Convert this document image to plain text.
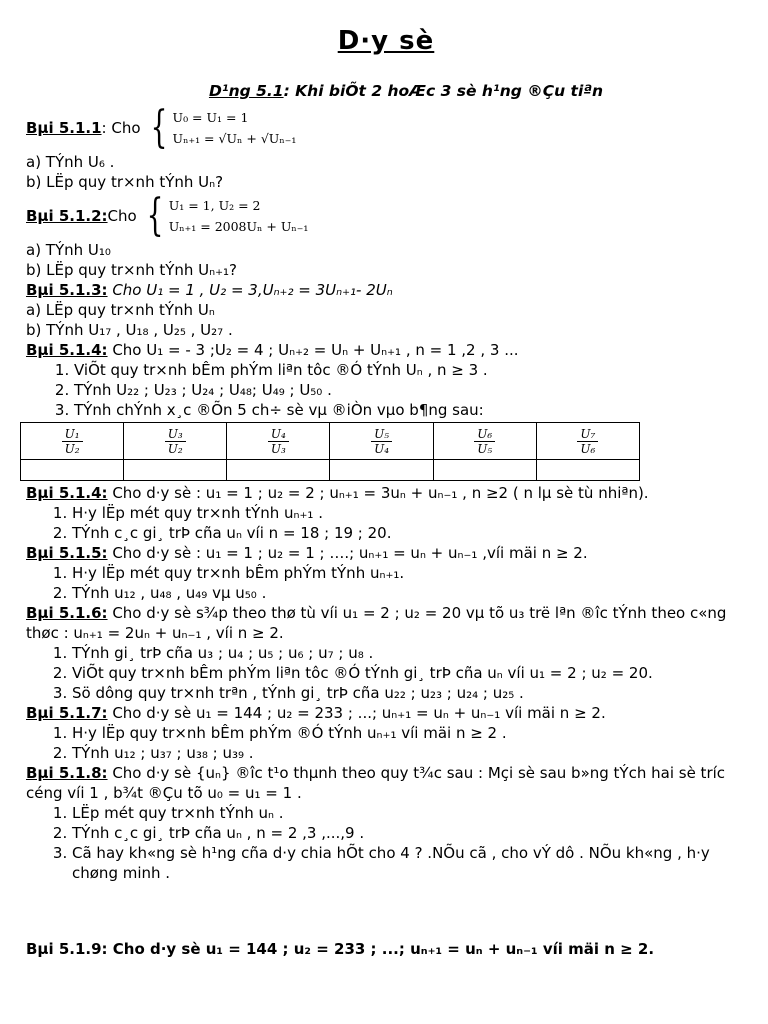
D·y sè
D¹ng 5.1: Khi biÕt 2 hoÆc 3 sè h¹ng ®Çu tiªn
Bµi 5.1.1 : Cho { U₀ = U₁ = 1
Uₙ₊₁ = √Uₙ + √Uₙ₋₁
a) TÝnh U₆ .
b) LËp quy tr×nh tÝnh Uₙ?
Bµi 5.1.2: Cho { U₁ = 1, U₂ = 2
Uₙ₊₁ = 2008Uₙ + Uₙ₋₁
a) TÝnh U₁₀
b) LËp quy tr×nh tÝnh Uₙ₊₁?
Bµi 5.1.3: Cho U₁ = 1 , U₂ = 3,Uₙ₊₂ = 3Uₙ₊₁- 2Uₙ
a) LËp quy tr×nh tÝnh Uₙ
b) TÝnh U₁₇ , U₁₈ , U₂₅ , U₂₇ .
Bµi 5.1.4: Cho U₁ = - 3 ;U₂ = 4 ; Uₙ₊₂ = Uₙ + Uₙ₊₁ , n = 1 ,2 , 3 ...
1. ViÕt quy tr×nh bÊm phÝm liªn tôc ®Ó tÝnh Uₙ , n ≥ 3 .
2. TÝnh U₂₂ ; U₂₃ ; U₂₄ ; U₄₈; U₄₉ ; U₅₀ .
3. TÝnh chÝnh x¸c ®Õn 5 ch÷ sè vµ ®iÒn vµo b¶ng sau:
$\frac{\text{U₁}}{\text{U₂}}$	$\frac{\text{U₃}}{\text{U₂}}$	$\frac{\text{U₄}}{\text{U₃}}$	$\frac{\text{U₅}}{\text{U₄}}$	$\frac{\text{U₆}}{\text{U₅}}$	$\frac{\text{U₇}}{\text{U₆}}$

Bµi 5.1.4: Cho d·y sè : u₁ = 1 ; u₂ = 2 ; uₙ₊₁ = 3uₙ + uₙ₋₁ , n ≥2 ( n lµ sè tù nhiªn).
1. H·y lËp mét quy tr×nh tÝnh uₙ₊₁ .
2. TÝnh c¸c gi¸ trÞ cña uₙ víi n = 18 ; 19 ; 20.
Bµi 5.1.5: Cho d·y sè : u₁ = 1 ; u₂ = 1 ; ….; uₙ₊₁ = uₙ + uₙ₋₁ ,víi mäi n ≥ 2.
1. H·y lËp mét quy tr×nh bÊm phÝm tÝnh uₙ₊₁.
2. TÝnh u₁₂ , u₄₈ , u₄₉ vµ u₅₀ .
Bµi 5.1.6: Cho d·y sè s¾p theo thø tù víi u₁ = 2 ; u₂ = 20 vµ tõ u₃ trë lªn ®îc tÝnh theo c«ng thøc : uₙ₊₁ = 2uₙ + uₙ₋₁ , víi n ≥ 2.
1. TÝnh gi¸ trÞ cña u₃ ; u₄ ; u₅ ; u₆ ; u₇ ; u₈ .
2. ViÕt quy tr×nh bÊm phÝm liªn tôc ®Ó tÝnh gi¸ trÞ cña uₙ víi u₁ = 2 ; u₂ = 20.
3. Sö dông quy tr×nh trªn , tÝnh gi¸ trÞ cña u₂₂ ; u₂₃ ; u₂₄ ; u₂₅ .
Bµi 5.1.7: Cho d·y sè u₁ = 144 ; u₂ = 233 ; ...; uₙ₊₁ = uₙ + uₙ₋₁ víi mäi n ≥ 2.
1. H·y lËp quy tr×nh bÊm phÝm ®Ó tÝnh uₙ₊₁ víi mäi n ≥ 2 .
2. TÝnh u₁₂ ; u₃₇ ; u₃₈ ; u₃₉ .
Bµi 5.1.8: Cho d·y sè {uₙ} ®îc t¹o thµnh theo quy t¾c sau : Mçi sè sau b»ng tÝch hai sè tríc céng víi 1 , b¾t ®Çu tõ u₀ = u₁ = 1 .
1. LËp mét quy tr×nh tÝnh uₙ .
2. TÝnh c¸c gi¸ trÞ cña uₙ , n = 2 ,3 ,...,9 .
3. Cã hay kh«ng sè h¹ng cña d·y chia hÕt cho 4 ? .NÕu cã , cho vÝ dô . NÕu kh«ng , h·y chøng minh .
Bµi 5.1.9: Cho d·y sè u₁ = 144 ; u₂ = 233 ; ...; uₙ₊₁ = uₙ + uₙ₋₁ víi mäi n ≥ 2.
